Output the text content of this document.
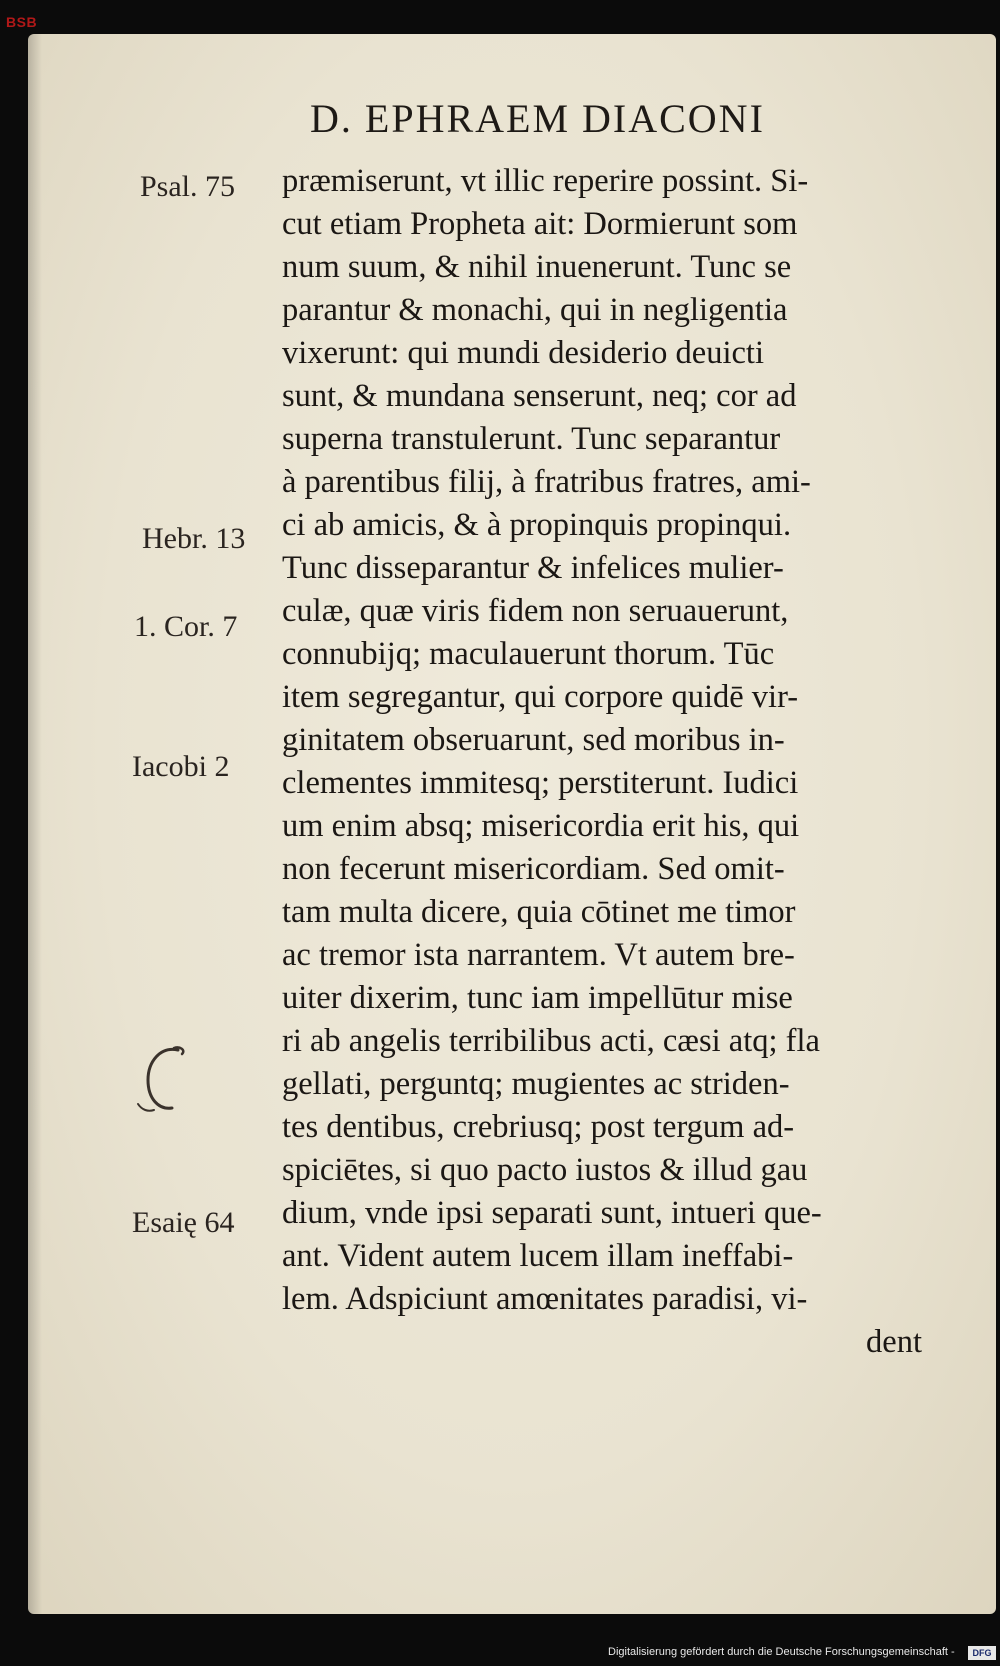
BSB
D. EPHRAEM DIACONI
Psal. 75
Hebr. 13
1. Cor. 7
Iacobi 2
Esaię 64
præmiserunt, vt illic reperire possint. Si-
cut etiam Propheta ait: Dormierunt som
num suum, & nihil inuenerunt. Tunc se
parantur & monachi, qui in negligentia
vixerunt: qui mundi desiderio deuicti
sunt, & mundana senserunt, neq; cor ad
superna transtulerunt. Tunc separantur
à parentibus filij, à fratribus fratres, ami-
ci ab amicis, & à propinquis propinqui.
Tunc disseparantur & infelices mulier-
culæ, quæ viris fidem non seruauerunt,
connubijq; maculauerunt thorum. Tūc
item segregantur, qui corpore quidē vir-
ginitatem obseruarunt, sed moribus in-
clementes immitesq; perstiterunt. Iudici
um enim absq; misericordia erit his, qui
non fecerunt misericordiam. Sed omit-
tam multa dicere, quia cōtinet me timor
ac tremor ista narrantem. Vt autem bre-
uiter dixerim, tunc iam impellūtur mise
ri ab angelis terribilibus acti, cæsi atq; fla
gellati, perguntq; mugientes ac striden-
tes dentibus, crebriusq; post tergum ad-
spiciētes, si quo pacto iustos & illud gau
dium, vnde ipsi separati sunt, intueri que-
ant. Vident autem lucem illam ineffabi-
lem. Adspiciunt amœnitates paradisi, vi-
dent
Digitalisierung gefördert durch die Deutsche Forschungsgemeinschaft -	DFG
